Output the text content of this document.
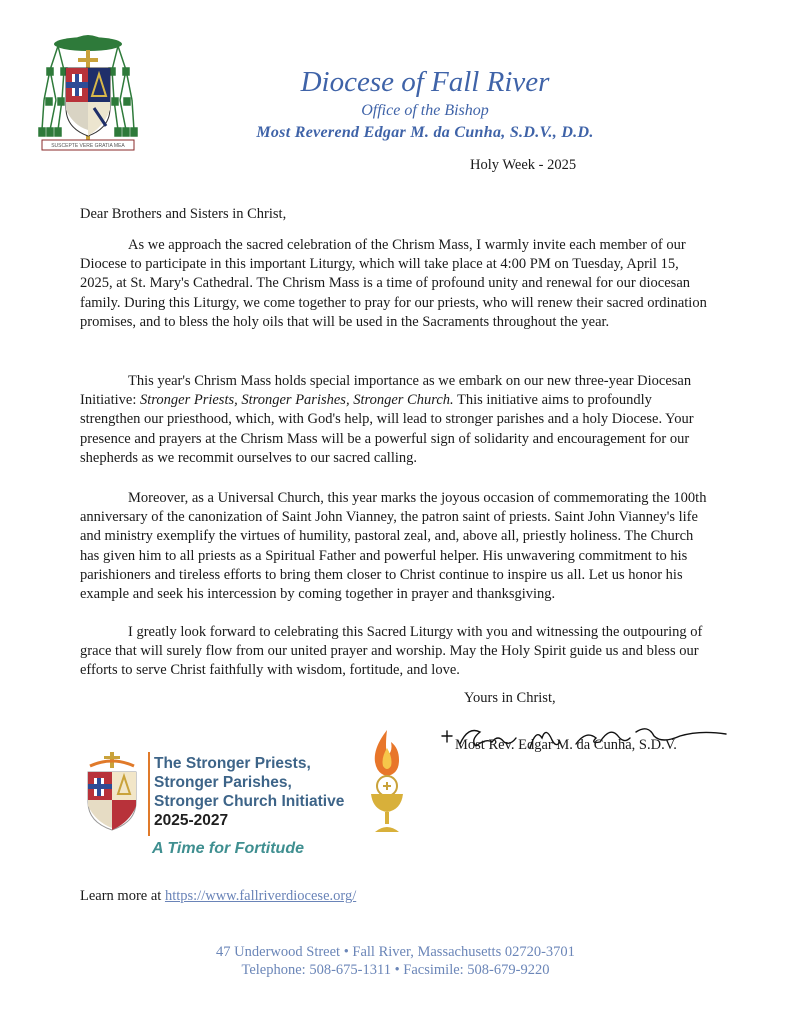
SUSCEPTE VERE GRATIA MEA
Diocese of Fall River
Office of the Bishop
Most Reverend Edgar M. da Cunha, S.D.V., D.D.
Holy Week - 2025
Dear Brothers and Sisters in Christ,

As we approach the sacred celebration of the Chrism Mass, I warmly invite each member of our Diocese to participate in this important Liturgy, which will take place at 4:00 PM on Tuesday, April 15, 2025, at St. Mary's Cathedral. The Chrism Mass is a time of profound unity and renewal for our diocesan family. During this Liturgy, we come together to pray for our priests, who will renew their sacred ordination promises, and to bless the holy oils that will be used in the Sacraments throughout the year.

This year's Chrism Mass holds special importance as we embark on our new three-year Diocesan Initiative: Stronger Priests, Stronger Parishes, Stronger Church. This initiative aims to profoundly strengthen our priesthood, which, with God's help, will lead to stronger parishes and a holy Diocese. Your presence and prayers at the Chrism Mass will be a powerful sign of solidarity and encouragement for our shepherds as we recommit ourselves to our sacred calling.

Moreover, as a Universal Church, this year marks the joyous occasion of commemorating the 100th anniversary of the canonization of Saint John Vianney, the patron saint of priests. Saint John Vianney's life and ministry exemplify the virtues of humility, pastoral zeal, and, above all, priestly holiness. The Church has given him to all priests as a Spiritual Father and powerful helper. His unwavering commitment to his parishioners and tireless efforts to bring them closer to Christ continue to inspire us all. Let us honor his example and seek his intercession by coming together in prayer and thanksgiving.

I greatly look forward to celebrating this Sacred Liturgy with you and witnessing the outpouring of grace that will surely flow from our united prayer and worship. May the Holy Spirit guide us and bless our efforts to serve Christ faithfully with wisdom, fortitude, and love.

Yours in Christ,
Most Rev. Edgar M. da Cunha, S.D.V.
The Stronger Priests,
Stronger Parishes,
Stronger Church Initiative
2025-2027
A Time for Fortitude
Learn more at https://www.fallriverdiocese.org/
47 Underwood Street • Fall River, Massachusetts 02720-3701
Telephone: 508-675-1311 • Facsimile: 508-679-9220
